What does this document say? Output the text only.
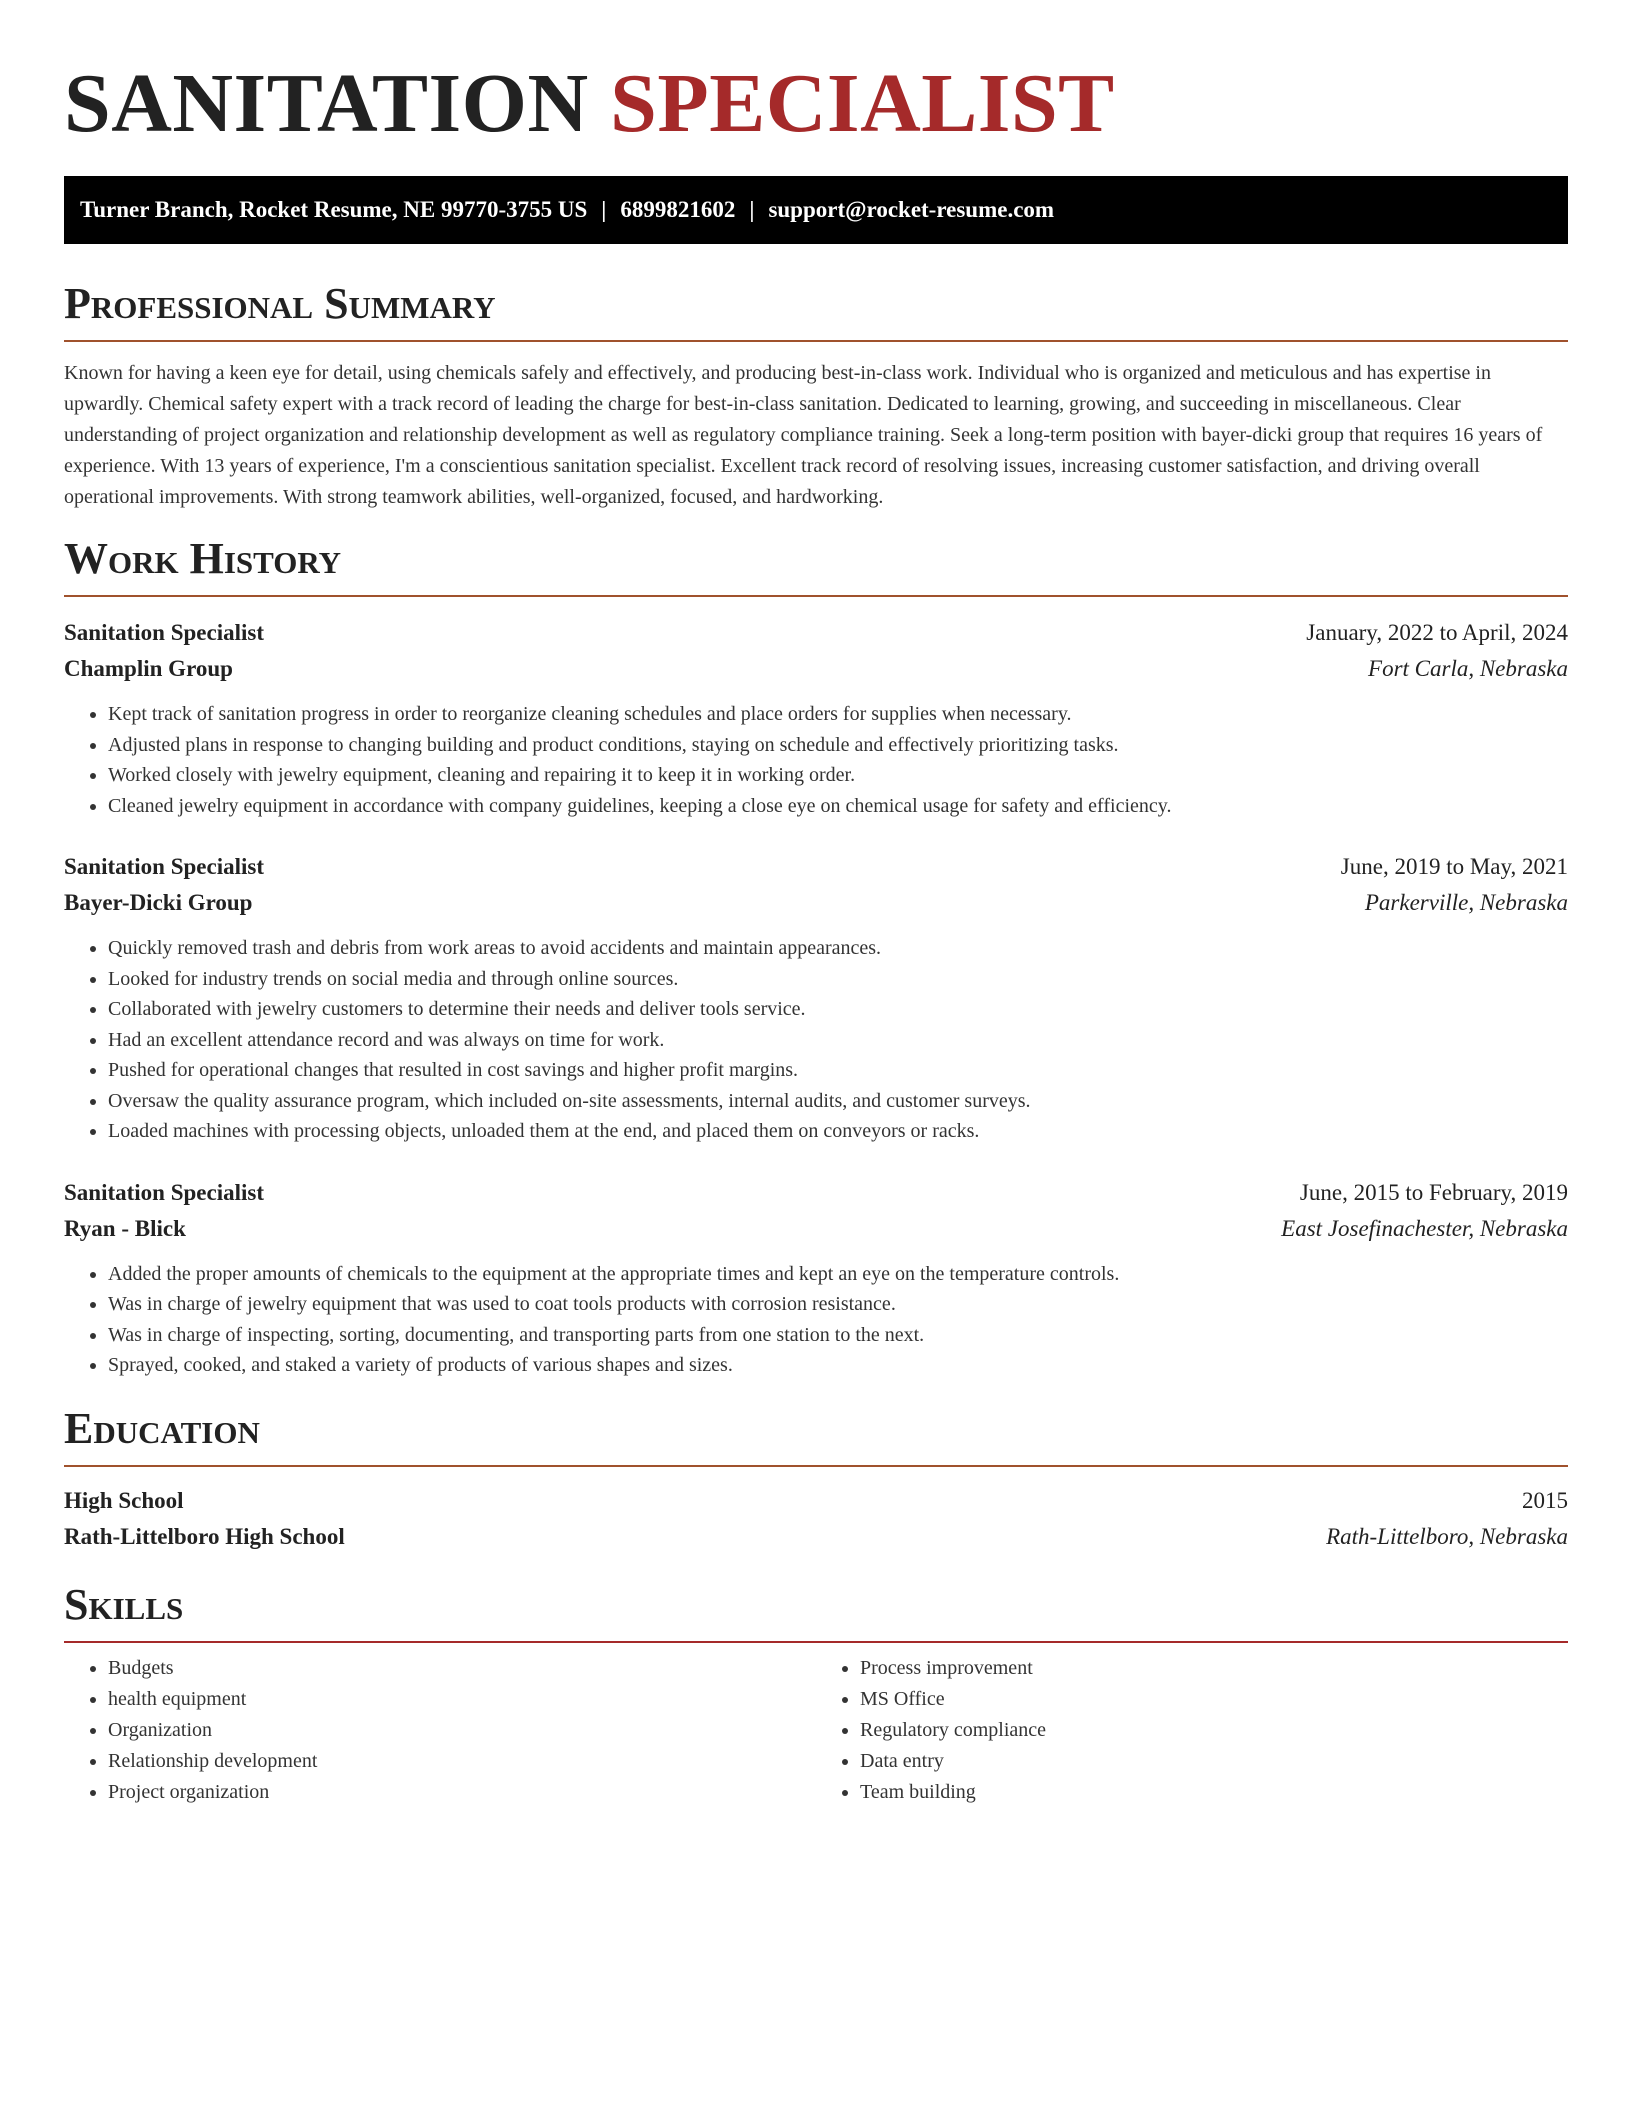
SANITATION SPECIALIST
Turner Branch, Rocket Resume, NE 99770-3755 US | 6899821602 | support@rocket-resume.com
Professional Summary

Known for having a keen eye for detail, using chemicals safely and effectively, and producing best-in-class work. Individual who is organized and meticulous and has expertise in upwardly. Chemical safety expert with a track record of leading the charge for best-in-class sanitation. Dedicated to learning, growing, and succeeding in miscellaneous. Clear understanding of project organization and relationship development as well as regulatory compliance training. Seek a long-term position with bayer-dicki group that requires 16 years of experience. With 13 years of experience, I'm a conscientious sanitation specialist. Excellent track record of resolving issues, increasing customer satisfaction, and driving overall operational improvements. With strong teamwork abilities, well-organized, focused, and hardworking.

Work History
Sanitation Specialist	January, 2022 to April, 2024
Champlin Group	Fort Carla, Nebraska
• Kept track of sanitation progress in order to reorganize cleaning schedules and place orders for supplies when necessary.
• Adjusted plans in response to changing building and product conditions, staying on schedule and effectively prioritizing tasks.
• Worked closely with jewelry equipment, cleaning and repairing it to keep it in working order.
• Cleaned jewelry equipment in accordance with company guidelines, keeping a close eye on chemical usage for safety and efficiency.
Sanitation Specialist	June, 2019 to May, 2021
Bayer-Dicki Group	Parkerville, Nebraska
• Quickly removed trash and debris from work areas to avoid accidents and maintain appearances.
• Looked for industry trends on social media and through online sources.
• Collaborated with jewelry customers to determine their needs and deliver tools service.
• Had an excellent attendance record and was always on time for work.
• Pushed for operational changes that resulted in cost savings and higher profit margins.
• Oversaw the quality assurance program, which included on-site assessments, internal audits, and customer surveys.
• Loaded machines with processing objects, unloaded them at the end, and placed them on conveyors or racks.
Sanitation Specialist	June, 2015 to February, 2019
Ryan - Blick	East Josefinachester, Nebraska
• Added the proper amounts of chemicals to the equipment at the appropriate times and kept an eye on the temperature controls.
• Was in charge of jewelry equipment that was used to coat tools products with corrosion resistance.
• Was in charge of inspecting, sorting, documenting, and transporting parts from one station to the next.
• Sprayed, cooked, and staked a variety of products of various shapes and sizes.
Education
High School	2015
Rath-Littelboro High School	Rath-Littelboro, Nebraska
Skills
• Budgets
• health equipment
• Organization
• Relationship development
• Project organization
• Process improvement
• MS Office
• Regulatory compliance
• Data entry
• Team building
